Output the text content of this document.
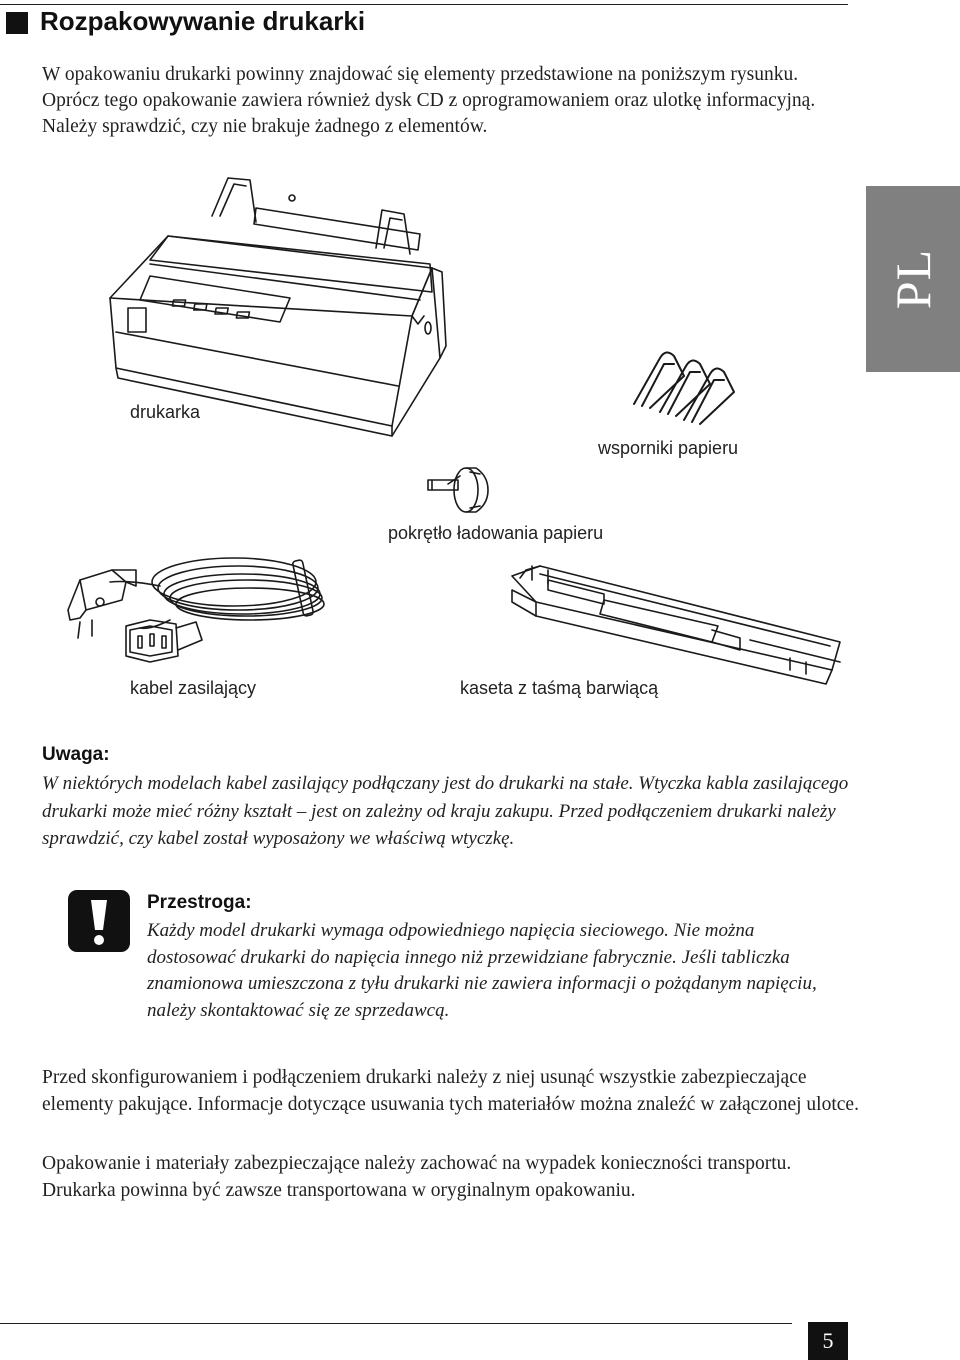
Rozpakowywanie drukarki
W opakowaniu drukarki powinny znajdować się elementy przedstawione na poniższym rysunku. Oprócz tego opakowanie zawiera również dysk CD z oprogramowaniem oraz ulotkę informacyjną. Należy sprawdzić, czy nie brakuje żadnego z elementów.
PL
drukarka
wsporniki papieru
pokrętło ładowania papieru
kabel zasilający	kaseta z taśmą barwiącą
Uwaga:
W niektórych modelach kabel zasilający podłączany jest do drukarki na stałe. Wtyczka kabla zasilającego drukarki może mieć różny kształt – jest on zależny od kraju zakupu. Przed podłączeniem drukarki należy sprawdzić, czy kabel został wyposażony we właściwą wtyczkę.
Przestroga:
Każdy model drukarki wymaga odpowiedniego napięcia sieciowego. Nie można dostosować drukarki do napięcia innego niż przewidziane fabrycznie. Jeśli tabliczka znamionowa umieszczona z tyłu drukarki nie zawiera informacji o pożądanym napięciu, należy skontaktować się ze sprzedawcą.
Przed skonfigurowaniem i podłączeniem drukarki należy z niej usunąć wszystkie zabezpieczające elementy pakujące. Informacje dotyczące usuwania tych materiałów można znaleźć w załączonej ulotce.
Opakowanie i materiały zabezpieczające należy zachować na wypadek konieczności transportu. Drukarka powinna być zawsze transportowana w oryginalnym opakowaniu.
5
